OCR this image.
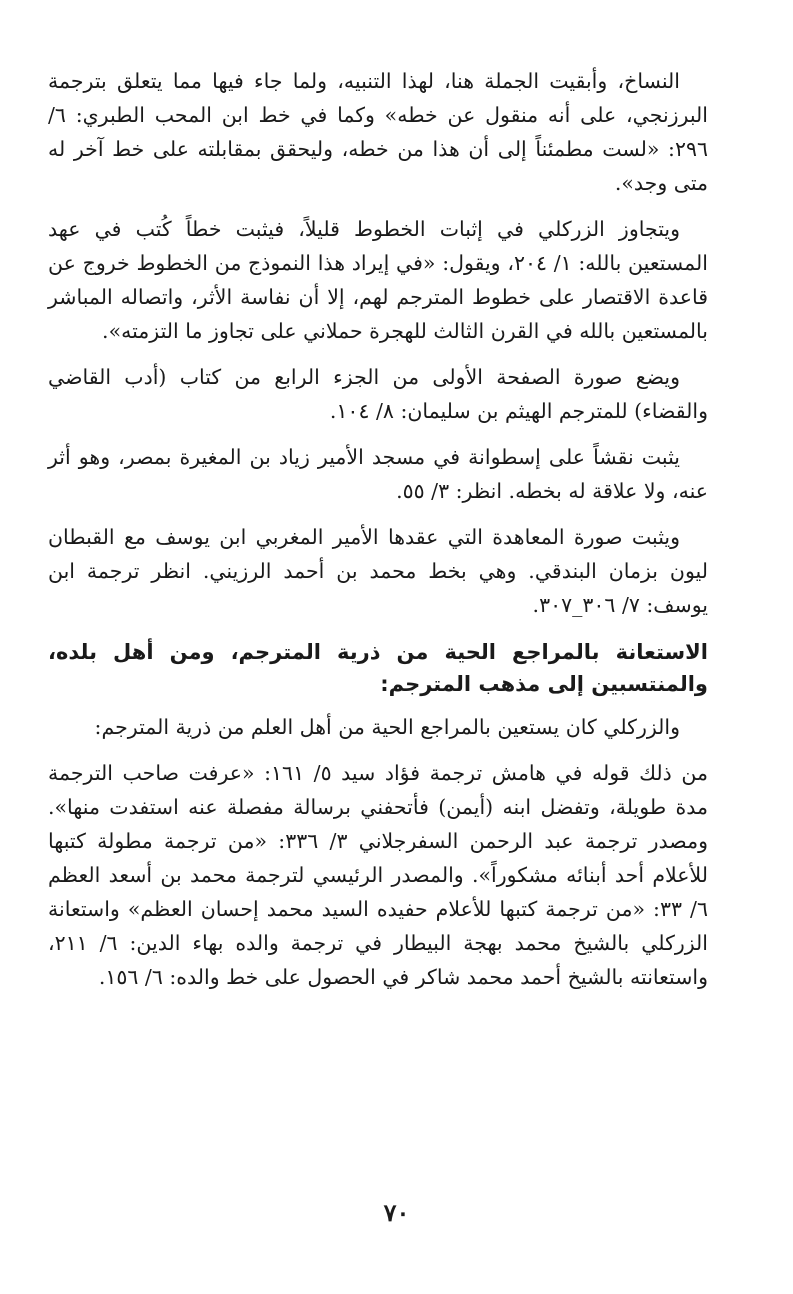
النساخ، وأبقيت الجملة هنا، لهذا التنبيه، ولما جاء فيها مما يتعلق بترجمة البرزنجي، على أنه منقول عن خطه» وكما في خط ابن المحب الطبري: ٦/ ٢٩٦: «لست مطمئناً إلى أن هذا من خطه، وليحقق بمقابلته على خط آخر له متى وجد».

ويتجاوز الزركلي في إثبات الخطوط قليلاً، فيثبت خطاً كُتب في عهد المستعين بالله: ١/ ٢٠٤، ويقول: «في إيراد هذا النموذج من الخطوط خروج عن قاعدة الاقتصار على خطوط المترجم لهم، إلا أن نفاسة الأثر، واتصاله المباشر بالمستعين بالله في القرن الثالث للهجرة حملاني على تجاوز ما التزمته».

ويضع صورة الصفحة الأولى من الجزء الرابع من كتاب (أدب القاضي والقضاء) للمترجم الهيثم بن سليمان: ٨/ ١٠٤.

يثبت نقشاً على إسطوانة في مسجد الأمير زياد بن المغيرة بمصر، وهو أثر عنه، ولا علاقة له بخطه. انظر: ٣/ ٥٥.

ويثبت صورة المعاهدة التي عقدها الأمير المغربي ابن يوسف مع القبطان ليون بزمان البندقي. وهي بخط محمد بن أحمد الرزيني. انظر ترجمة ابن يوسف: ٧/ ٣٠٦_٣٠٧.

الاستعانة بالمراجع الحية من ذرية المترجم، ومن أهل بلده، والمنتسبين إلى مذهب المترجم:

والزركلي كان يستعين بالمراجع الحية من أهل العلم من ذرية المترجم:

من ذلك قوله في هامش ترجمة فؤاد سيد ٥/ ١٦١: «عرفت صاحب الترجمة مدة طويلة، وتفضل ابنه (أيمن) فأتحفني برسالة مفصلة عنه استفدت منها». ومصدر ترجمة عبد الرحمن السفرجلاني ٣/ ٣٣٦: «من ترجمة مطولة كتبها للأعلام أحد أبنائه مشكوراً». والمصدر الرئيسي لترجمة محمد بن أسعد العظم ٦/ ٣٣: «من ترجمة كتبها للأعلام حفيده السيد محمد إحسان العظم» واستعانة الزركلي بالشيخ محمد بهجة البيطار في ترجمة والده بهاء الدين: ٦/ ٢١١، واستعانته بالشيخ أحمد محمد شاكر في الحصول على خط والده: ٦/ ١٥٦.

٧٠
